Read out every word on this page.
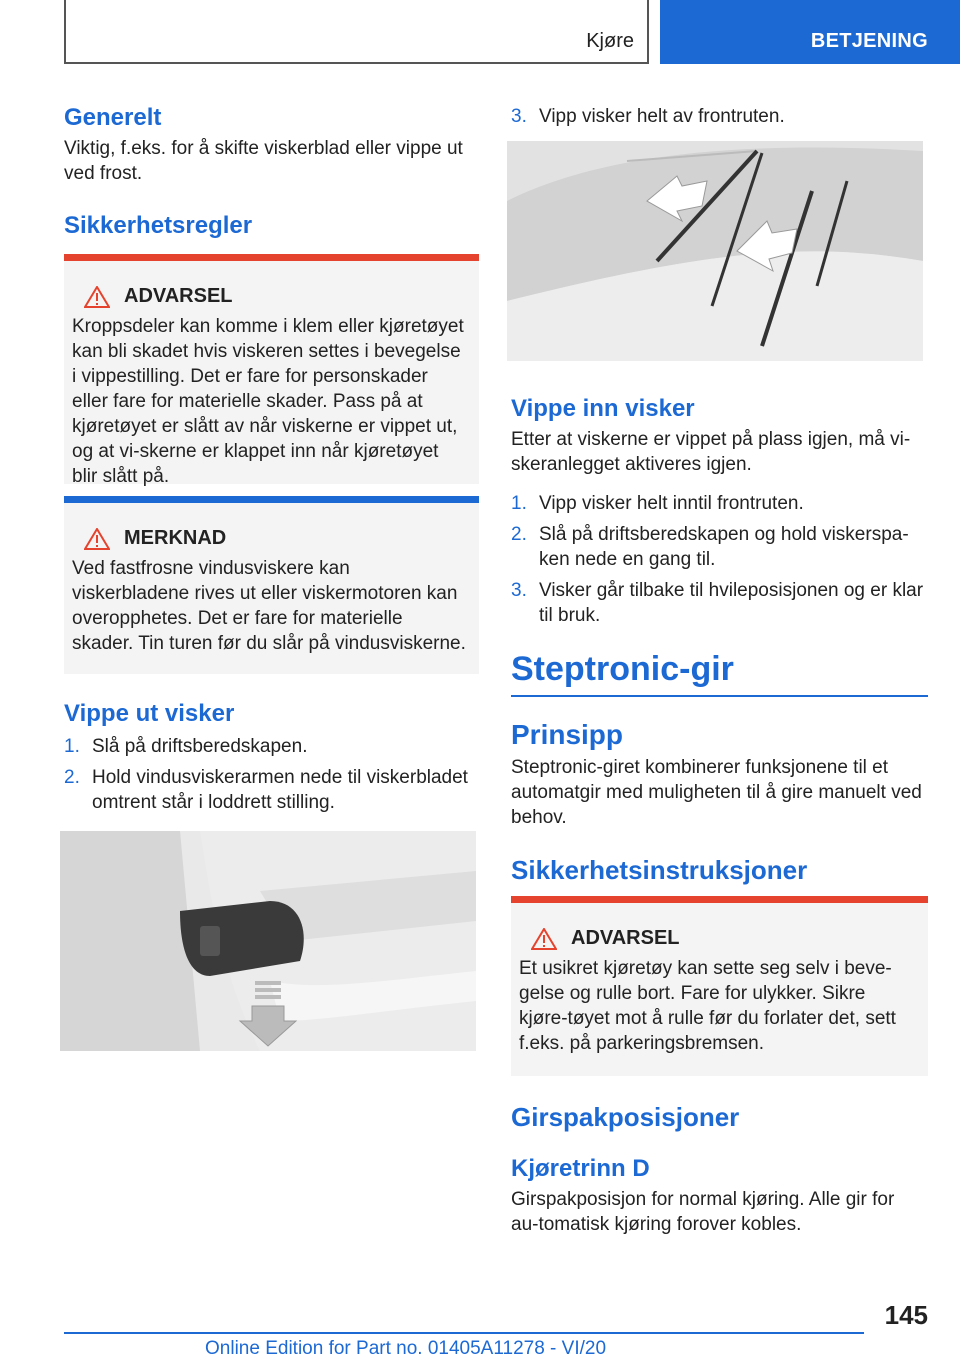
Kjøre	BETJENING
Generelt

Viktig, f.eks. for å skifte viskerblad eller vippe ut ved frost.

Sikkerhetsregler
ADVARSEL

Kroppsdeler kan komme i klem eller kjøretøyet kan bli skadet hvis viskeren settes i bevegelse i vippestilling. Det er fare for personskader eller fare for materielle skader. Pass på at kjøretøyet er slått av når viskerne er vippet ut, og at vi-skerne er klappet inn når kjøretøyet blir slått på.

MERKNAD

Ved fastfrosne vindusviskere kan viskerbladene rives ut eller viskermotoren kan overopphetes. Det er fare for materielle skader. Tin turen før du slår på vindusviskerne.

Vippe ut visker
1. Slå på driftsberedskapen.
2. Hold vindusviskerarmen nede til viskerbladet omtrent står i loddrett stilling.
3. Vipp visker helt av frontruten.
Vippe inn visker

Etter at viskerne er vippet på plass igjen, må vi-skeranlegget aktiveres igjen.

1. Vipp visker helt inntil frontruten.
2. Slå på driftsberedskapen og hold viskerspa-ken nede en gang til.
3. Visker går tilbake til hvileposisjonen og er klar til bruk.
Steptronic-gir
Prinsipp

Steptronic-giret kombinerer funksjonene til et automatgir med muligheten til å gire manuelt ved behov.

Sikkerhetsinstruksjoner
ADVARSEL

Et usikret kjøretøy kan sette seg selv i beve-gelse og rulle bort. Fare for ulykker. Sikre kjøre-tøyet mot å rulle før du forlater det, sett f.eks. på parkeringsbremsen.

Girspakposisjoner
Kjøretrinn D

Girspakposisjon for normal kjøring. Alle gir for au-tomatisk kjøring forover kobles.

145
Online Edition for Part no. 01405A11278 - VI/20
